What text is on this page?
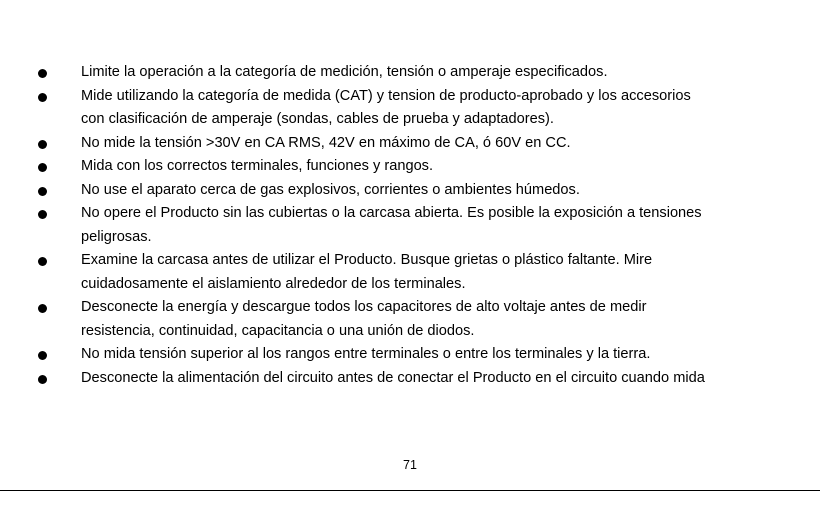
Limite la operación a la categoría de medición, tensión o amperaje especificados.
Mide utilizando la categoría de medida (CAT) y tension de producto-aprobado y los accesorios
con clasificación de amperaje (sondas, cables de prueba y adaptadores).
No mide la tensión >30V en CA RMS, 42V en máximo de CA, ó 60V en CC.
Mida con los correctos terminales, funciones y rangos.
No use el aparato cerca de gas explosivos, corrientes o ambientes húmedos.
No opere el Producto sin las cubiertas o la carcasa abierta. Es posible la exposición a tensiones
peligrosas.
Examine la carcasa antes de utilizar el Producto. Busque grietas o plástico faltante. Mire
cuidadosamente el aislamiento alrededor de los terminales.
Desconecte la energía y descargue todos los capacitores de alto voltaje antes de medir
resistencia, continuidad, capacitancia o una unión de diodos.
No mida tensión superior al los rangos entre terminales o entre los terminales y la tierra.
Desconecte la alimentación del circuito antes de conectar el Producto en el circuito cuando mida
71
